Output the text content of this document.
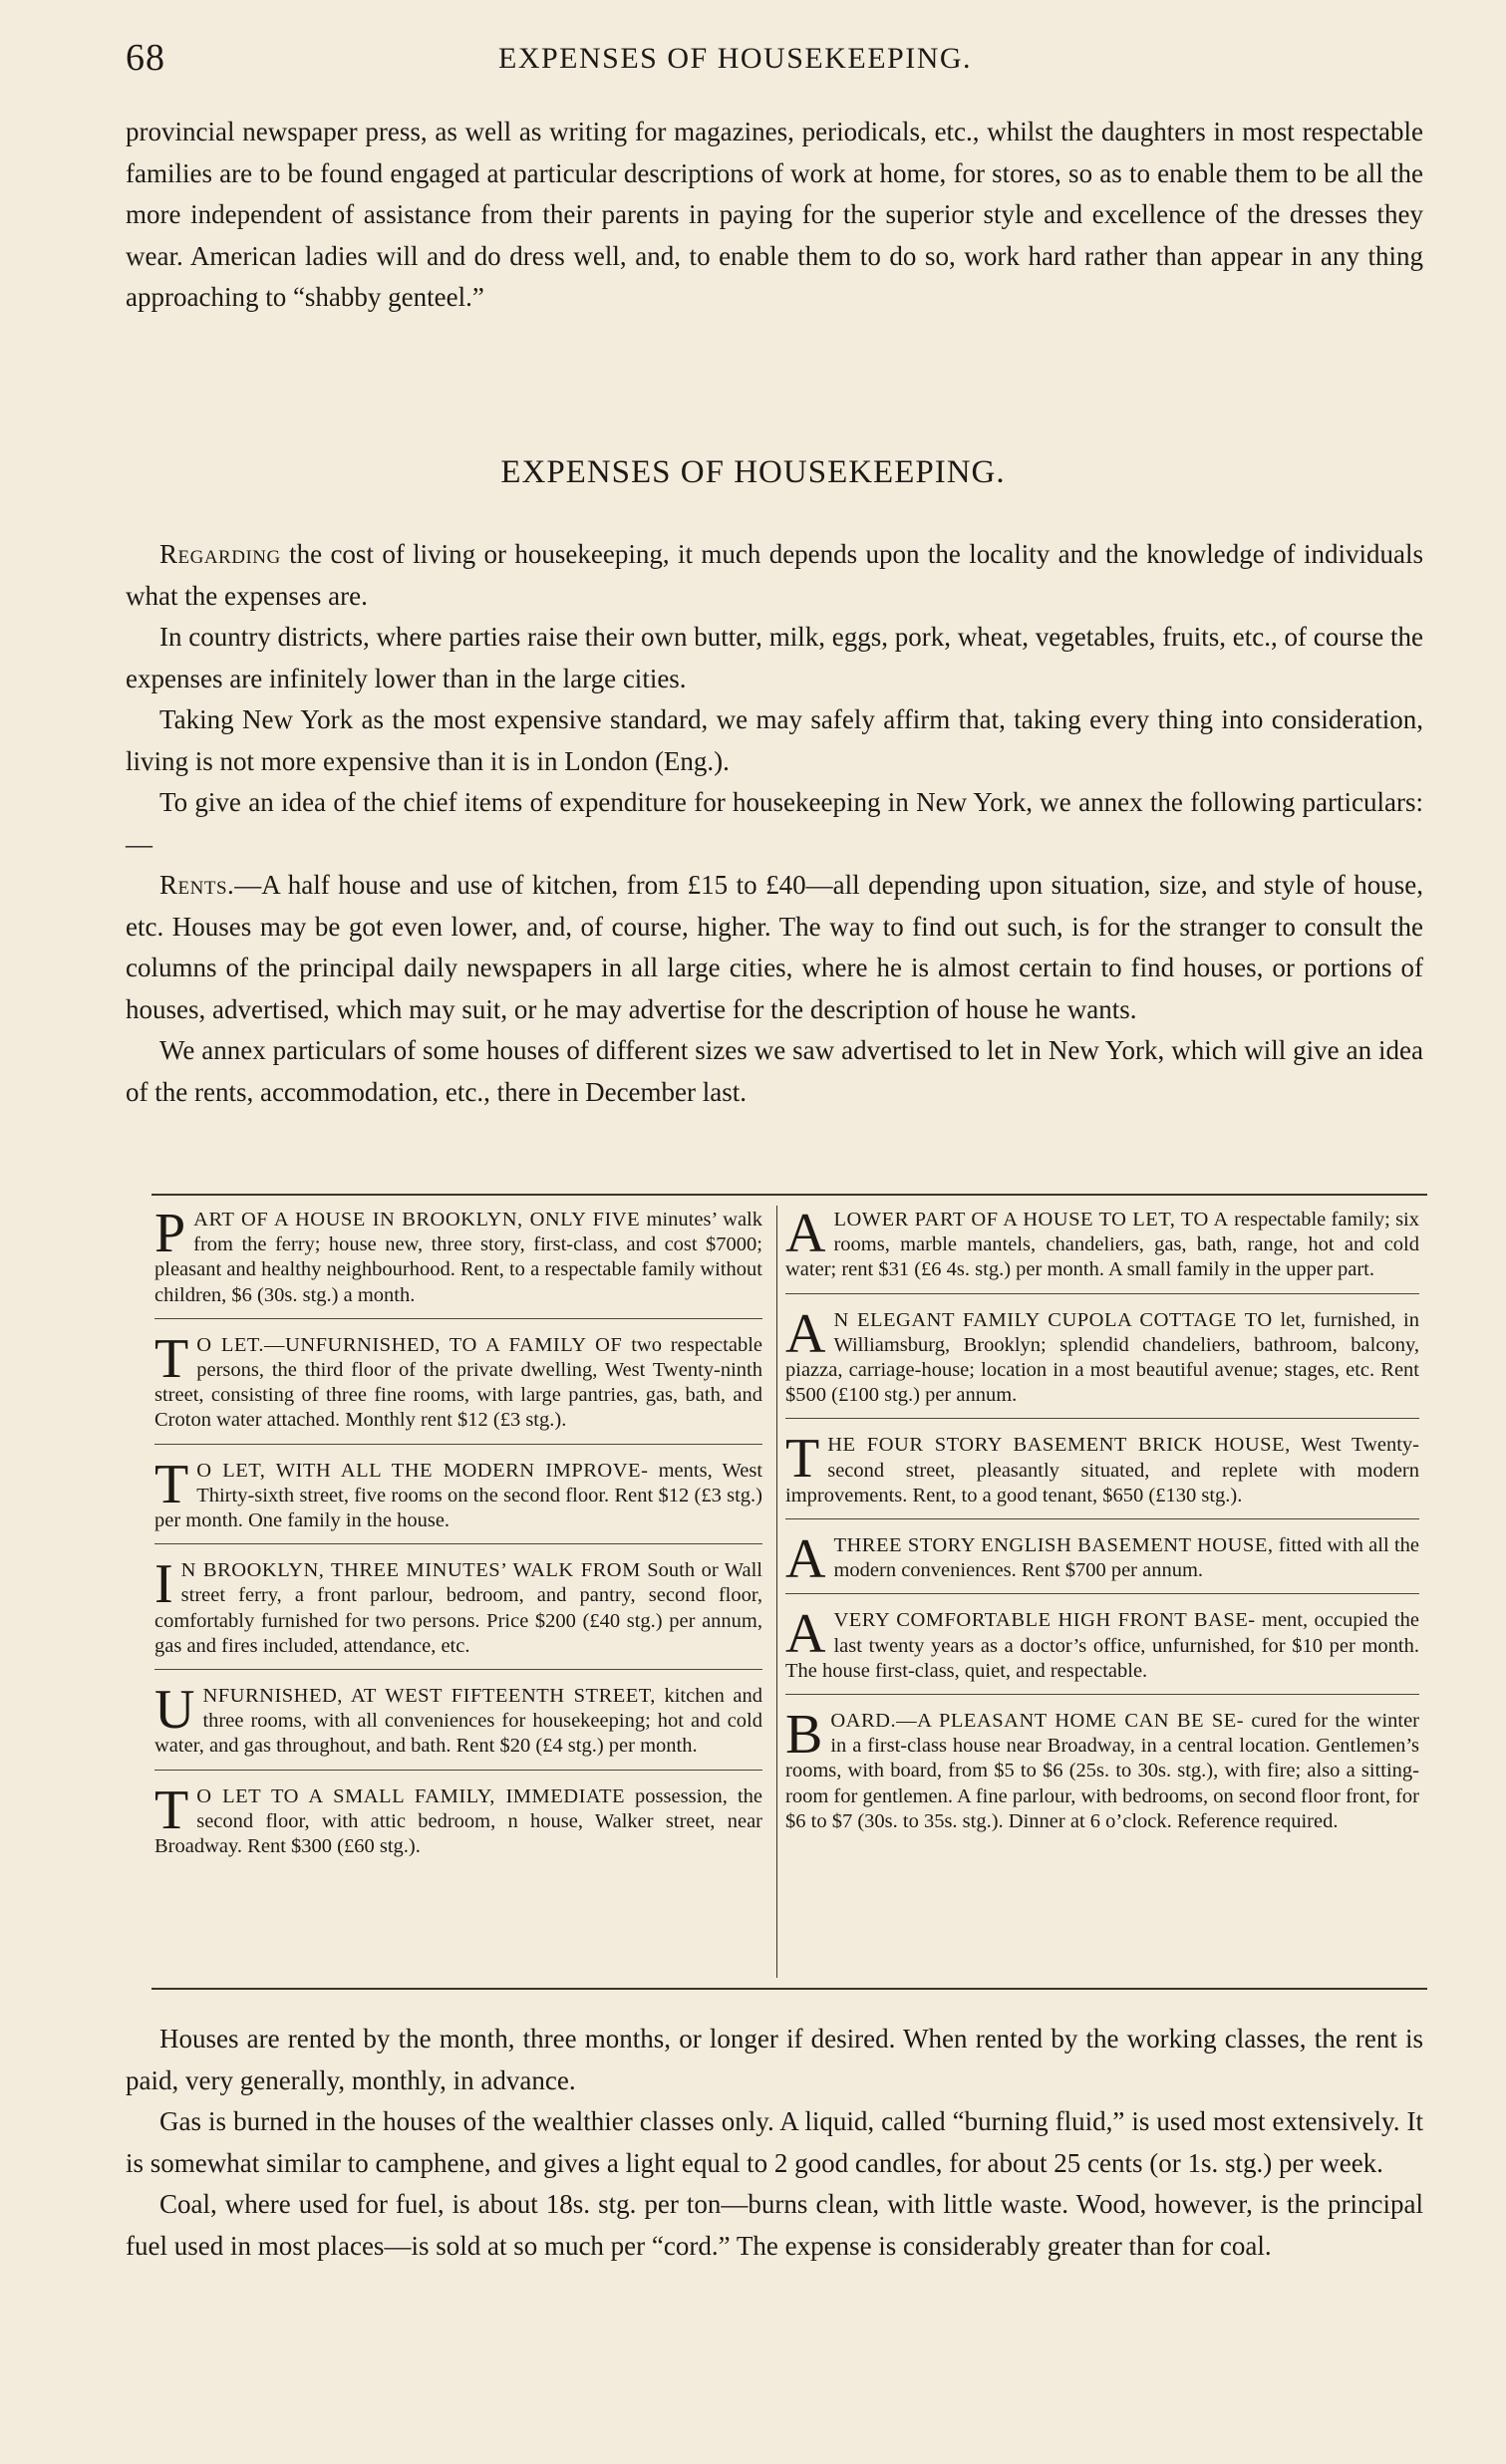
68	EXPENSES OF HOUSEKEEPING.

provincial newspaper press, as well as writing for magazines, periodicals, etc., whilst the daughters in most respectable families are to be found engaged at particular descriptions of work at home, for stores, so as to enable them to be all the more independent of assistance from their parents in paying for the superior style and excellence of the dresses they wear. American ladies will and do dress well, and, to enable them to do so, work hard rather than appear in any thing approaching to “shabby genteel.”

EXPENSES OF HOUSEKEEPING.

Regarding the cost of living or housekeeping, it much depends upon the locality and the knowledge of individuals what the expenses are.

In country districts, where parties raise their own butter, milk, eggs, pork, wheat, vegetables, fruits, etc., of course the expenses are infinitely lower than in the large cities.

Taking New York as the most expensive standard, we may safely affirm that, taking every thing into consideration, living is not more expensive than it is in London (Eng.).

To give an idea of the chief items of expenditure for housekeeping in New York, we annex the following particulars:—

Rents.—A half house and use of kitchen, from £15 to £40—all depending upon situation, size, and style of house, etc. Houses may be got even lower, and, of course, higher. The way to find out such, is for the stranger to consult the columns of the principal daily newspapers in all large cities, where he is almost certain to find houses, or portions of houses, advertised, which may suit, or he may advertise for the description of house he wants.

We annex particulars of some houses of different sizes we saw advertised to let in New York, which will give an idea of the rents, accommodation, etc., there in December last.

PART OF A HOUSE IN BROOKLYN, ONLY FIVE minutes’ walk from the ferry; house new, three story, first-class, and cost $7000; pleasant and healthy neighbourhood. Rent, to a respectable family without children, $6 (30s. stg.) a month.

T O LET.—UNFURNISHED, TO A FAMILY OF two respectable persons, the third floor of the private dwelling, West Twenty-ninth street, consisting of three fine rooms, with large pantries, gas, bath, and Croton water attached. Monthly rent $12 (£3 stg.).

T O LET, WITH ALL THE MODERN IMPROVE- ments, West Thirty-sixth street, five rooms on the second floor. Rent $12 (£3 stg.) per month. One family in the house.

I N BROOKLYN, THREE MINUTES’ WALK FROM South or Wall street ferry, a front parlour, bedroom, and pantry, second floor, comfortably furnished for two persons. Price $200 (£40 stg.) per annum, gas and fires included, attendance, etc.

UNFURNISHED, AT WEST FIFTEENTH STREET, kitchen and three rooms, with all conveniences for housekeeping; hot and cold water, and gas throughout, and bath. Rent $20 (£4 stg.) per month.

T O LET TO A SMALL FAMILY, IMMEDIATE possession, the second floor, with attic bedroom, n house, Walker street, near Broadway. Rent $300 (£60 stg.).

A LOWER PART OF A HOUSE TO LET, TO A respectable family; six rooms, marble mantels, chandeliers, gas, bath, range, hot and cold water; rent $31 (£6 4s. stg.) per month. A small family in the upper part.

A N ELEGANT FAMILY CUPOLA COTTAGE TO let, furnished, in Williamsburg, Brooklyn; splendid chandeliers, bathroom, balcony, piazza, carriage-house; location in a most beautiful avenue; stages, etc. Rent $500 (£100 stg.) per annum.

THE FOUR STORY BASEMENT BRICK HOUSE, West Twenty-second street, pleasantly situated, and replete with modern improvements. Rent, to a good tenant, $650 (£130 stg.).

A THREE STORY ENGLISH BASEMENT HOUSE, fitted with all the modern conveniences. Rent $700 per annum.

A VERY COMFORTABLE HIGH FRONT BASE- ment, occupied the last twenty years as a doctor’s office, unfurnished, for $10 per month. The house first-class, quiet, and respectable.

BOARD.—A PLEASANT HOME CAN BE SE- cured for the winter in a first-class house near Broadway, in a central location. Gentlemen’s rooms, with board, from $5 to $6 (25s. to 30s. stg.), with fire; also a sitting-room for gentlemen. A fine parlour, with bedrooms, on second floor front, for $6 to $7 (30s. to 35s. stg.). Dinner at 6 o’clock. Reference required.

Houses are rented by the month, three months, or longer if desired. When rented by the working classes, the rent is paid, very generally, monthly, in advance.

Gas is burned in the houses of the wealthier classes only. A liquid, called “burning fluid,” is used most extensively. It is somewhat similar to camphene, and gives a light equal to 2 good candles, for about 25 cents (or 1s. stg.) per week.

Coal, where used for fuel, is about 18s. stg. per ton—burns clean, with little waste. Wood, however, is the principal fuel used in most places—is sold at so much per “cord.” The expense is considerably greater than for coal.
